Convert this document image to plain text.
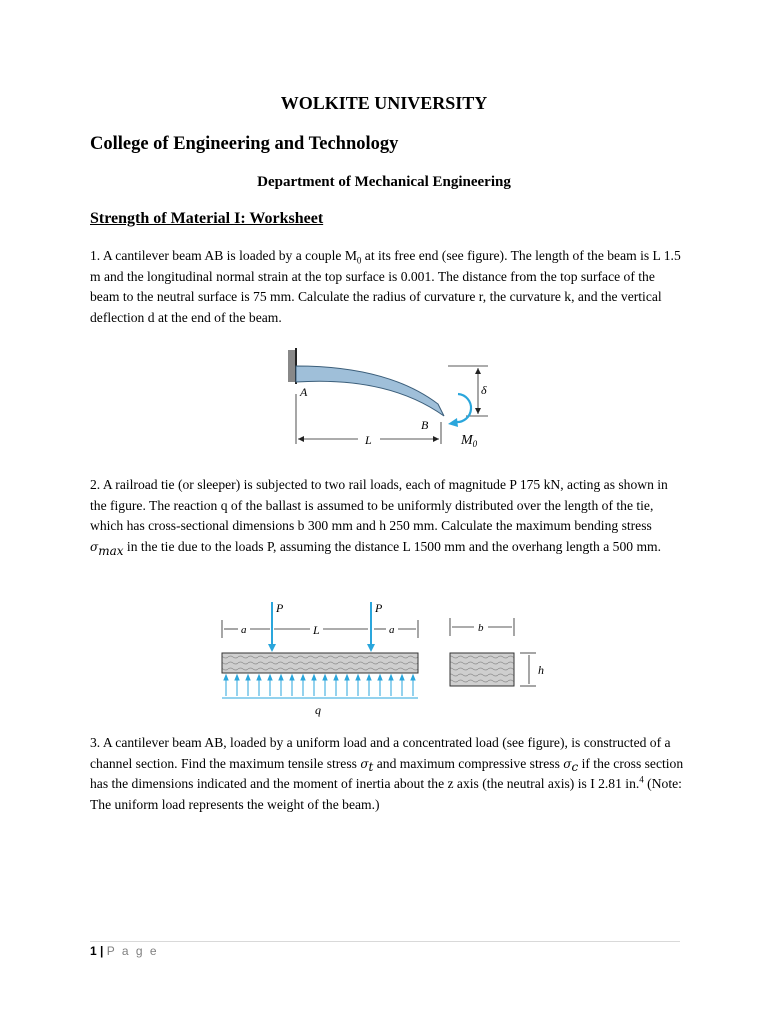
WOLKITE UNIVERSITY
College of Engineering and Technology
Department of Mechanical Engineering
Strength of Material I: Worksheet
1. A cantilever beam AB is loaded by a couple $M_0$ at its free end (see figure). The length of the beam is L 1.5 m and the longitudinal normal strain at the top surface is 0.001. The distance from the top surface of the beam to the neutral surface is 75 mm. Calculate the radius of curvature r, the curvature k, and the vertical deflection d at the end of the beam.
A
B
L
δ
$M_0$
2. A railroad tie (or sleeper) is subjected to two rail loads, each of magnitude P 175 kN, acting as shown in the figure. The reaction q of the ballast is assumed to be uniformly distributed over the length of the tie, which has cross-sectional dimensions b 300 mm and h 250 mm. Calculate the maximum bending stress $\sigma_{max}$ in the tie due to the loads P, assuming the distance L 1500 mm and the overhang length a 500 mm.
a	L	a
P	P
q
b
h
3. A cantilever beam AB, loaded by a uniform load and a concentrated load (see figure), is constructed of a channel section. Find the maximum tensile stress $\sigma_t$ and maximum compressive stress $\sigma_c$ if the cross section has the dimensions indicated and the moment of inertia about the z axis (the neutral axis) is I 2.81 in.$^4$ (Note: The uniform load represents the weight of the beam.)
1 | P a g e
